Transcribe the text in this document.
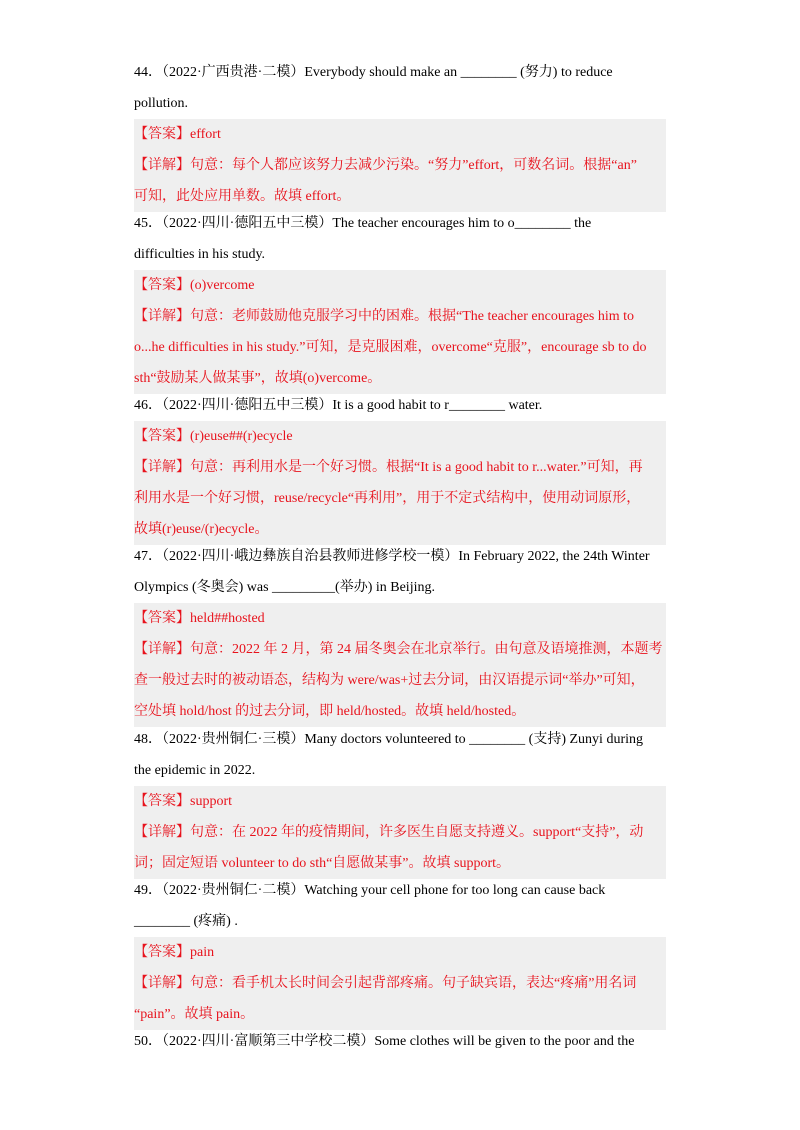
44．（2022·广西贵港·二模）Everybody should make an ________ (努力) to reduce
pollution.
【答案】effort
【详解】句意：每个人都应该努力去减少污染。“努力”effort，可数名词。根据“an”
可知，此处应用单数。故填 effort。
45．（2022·四川·德阳五中三模）The teacher encourages him to o________ the
difficulties in his study.
【答案】(o)vercome
【详解】句意：老师鼓励他克服学习中的困难。根据“The teacher encourages him to
o...he difficulties in his study.”可知，是克服困难，overcome“克服”，encourage sb to do
sth“鼓励某人做某事”，故填(o)vercome。
46．（2022·四川·德阳五中三模）It is a good habit to r________ water.
【答案】(r)euse##(r)ecycle
【详解】句意：再利用水是一个好习惯。根据“It is a good habit to r...water.”可知，再
利用水是一个好习惯，reuse/recycle“再利用”，用于不定式结构中，使用动词原形，
故填(r)euse/(r)ecycle。
47．（2022·四川·峨边彝族自治县教师进修学校一模）In February 2022, the 24th Winter
Olympics (冬奥会) was _________(举办) in Beijing.
【答案】held##hosted
【详解】句意：2022 年 2 月，第 24 届冬奥会在北京举行。由句意及语境推测，本题考
查一般过去时的被动语态，结构为 were/was+过去分词，由汉语提示词“举办”可知，
空处填 hold/host 的过去分词，即 held/hosted。故填 held/hosted。
48．（2022·贵州铜仁·三模）Many doctors volunteered to ________ (支持) Zunyi during
the epidemic in 2022.
【答案】support
【详解】句意：在 2022 年的疫情期间，许多医生自愿支持遵义。support“支持”，动
词；固定短语 volunteer to do sth“自愿做某事”。故填 support。
49．（2022·贵州铜仁·二模）Watching your cell phone for too long can cause back
________ (疼痛) .
【答案】pain
【详解】句意：看手机太长时间会引起背部疼痛。句子缺宾语，表达“疼痛”用名词
“pain”。故填 pain。
50．（2022·四川·富顺第三中学校二模）Some clothes will be given to the poor and the
